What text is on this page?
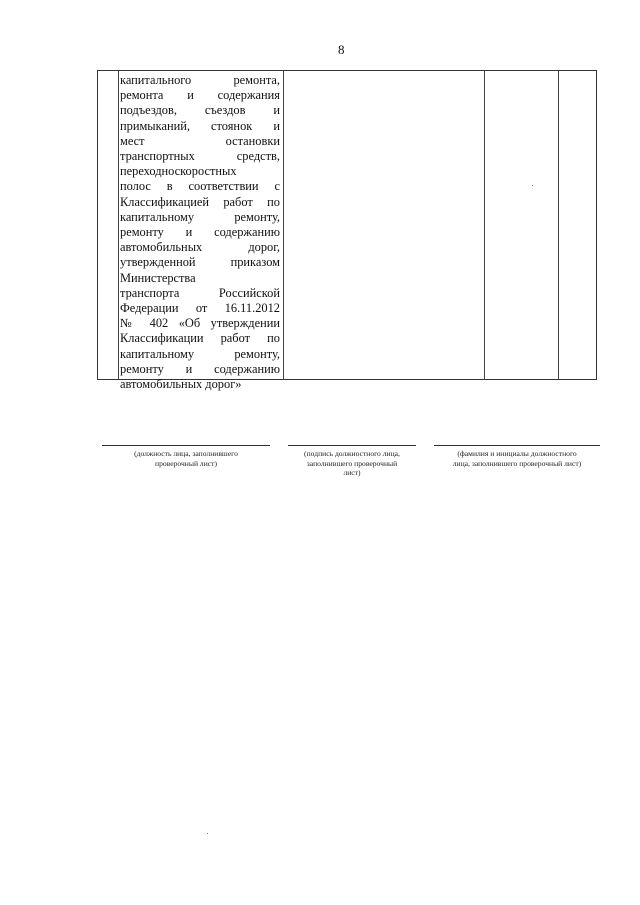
8
капитального ремонта,
ремонта и содержания
подъездов, съездов и
примыканий, стоянок и
мест остановки
транспортных средств,
переходноскоростных
полос в соответствии с
Классификацией работ по
капитальному ремонту,
ремонту и содержанию
автомобильных дорог,
утвержденной приказом
Министерства
транспорта Российской
Федерации от 16.11.2012
№ 402 «Об утверждении
Классификации работ по
капитальному ремонту,
ремонту и содержанию
автомобильных дорог»
(должность лица, заполнившего
проверочный лист)
(подпись должностного лица,
заполнившего проверочный
лист)
(фамилия и инициалы должностного
лица, заполнившего проверочный лист)
